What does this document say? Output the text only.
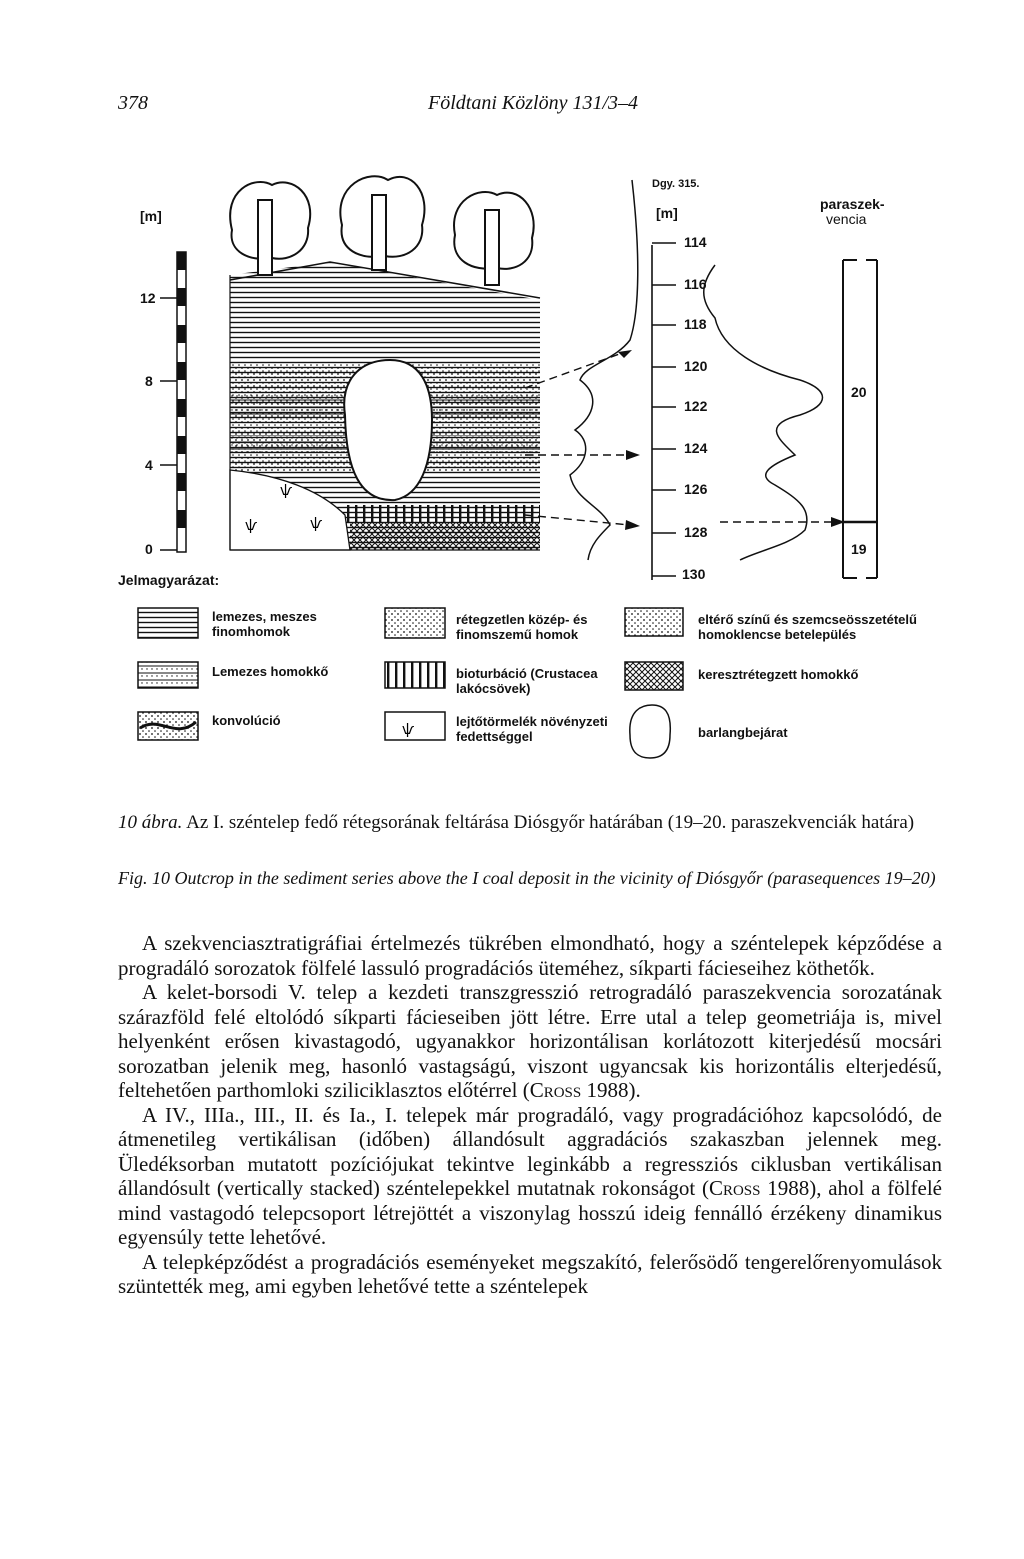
378	Földtani Közlöny 131/3–4
ѱ
ѱ	ѱ
ѱ
[m]
12
8
4
0
Dgy. 315.
[m]
114
116
118
120
122
124
126
128
130
paraszek-
vencia
20
19
Jelmagyarázat:
lemezes, meszes
finomhomok
Lemezes homokkő
konvolúció
rétegzetlen közép- és
finomszemű homok
bioturbáció (Crustacea
lakócsövek)
lejtőtörmelék növényzeti
fedettséggel
eltérő színű és szemcseösszetételű
homoklencse betelepülés
keresztrétegzett homokkő
barlangbejárat
10 ábra. Az I. széntelep fedő rétegsorának feltárása Diósgyőr határában (19–20. paraszekvenciák határa)
Fig. 10 Outcrop in the sediment series above the I coal deposit in the vicinity of Diósgyőr (parasequences 19–20)

A szekvenciasztratigráfiai értelmezés tükrében elmondható, hogy a széntelepek képződése a progradáló sorozatok fölfelé lassuló progradációs üteméhez, síkparti fácieseihez köthetők.

A kelet-borsodi V. telep a kezdeti transzgresszió retrogradáló paraszekvencia sorozatának szárazföld felé eltolódó síkparti fácieseiben jött létre. Erre utal a telep geometriája is, mivel helyenként erősen kivastagodó, ugyanakkor horizontálisan korlátozott kiterjedésű mocsári sorozatban jelenik meg, hasonló vastagságú, viszont ugyancsak kis horizontális elterjedésű, feltehetően parthomloki sziliciklasztos előtérrel (Cross 1988).

A IV., IIIa., III., II. és Ia., I. telepek már progradáló, vagy progradációhoz kapcsolódó, de átmenetileg vertikálisan (időben) állandósult aggradációs szakaszban jelennek meg. Üledéksorban mutatott pozíciójukat tekintve leginkább a regressziós ciklusban vertikálisan állandósult (vertically stacked) széntelepekkel mutatnak rokonságot (Cross 1988), ahol a fölfelé mind vastagodó telepcsoport létrejöttét a viszonylag hosszú ideig fennálló érzékeny dinamikus egyensúly tette lehetővé.

A telepképződést a progradációs eseményeket megszakító, felerősödő tengerelőrenyomulások szüntették meg, ami egyben lehetővé tette a széntelepek
